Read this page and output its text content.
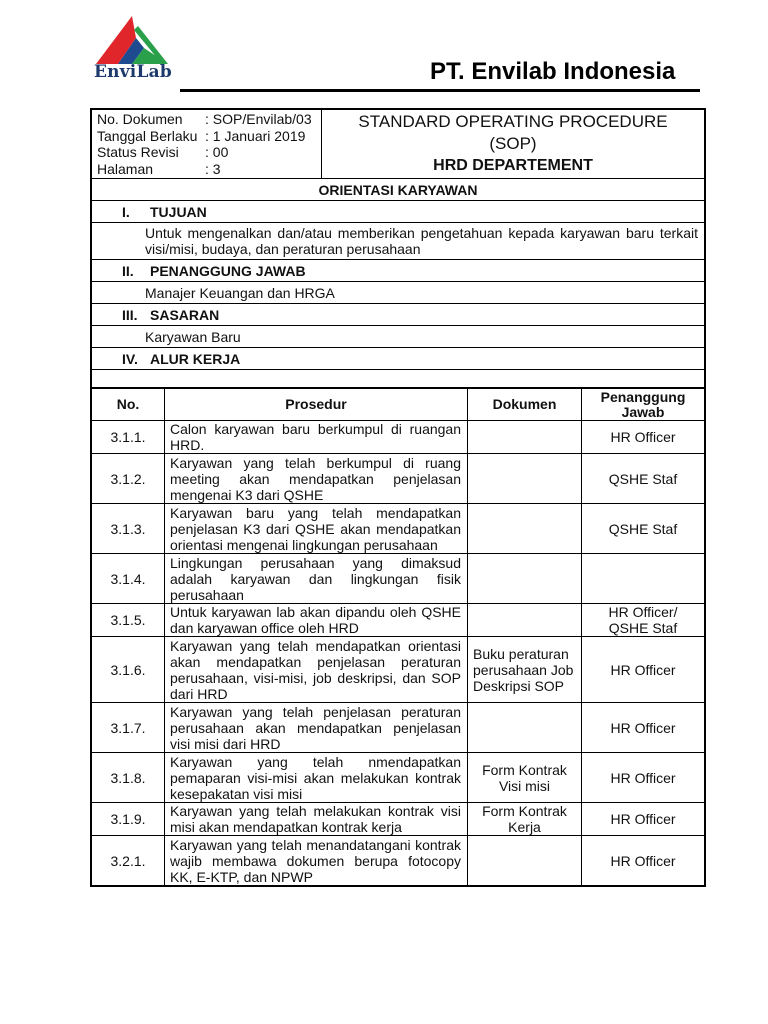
EnviLab	PT. Envilab Indonesia
No. Dokumen	: SOP/Envilab/03
Tanggal Berlaku : 1 Januari 2019
Status Revisi	: 00
Halaman	: 3

STANDARD OPERATING PROCEDURE
(SOP)
HRD DEPARTEMENT

ORIENTASI KARYAWAN
I. TUJUAN
Untuk mengenalkan dan/atau memberikan pengetahuan kepada karyawan baru terkait visi/misi, budaya, dan peraturan perusahaan
II. PENANGGUNG JAWAB
Manajer Keuangan dan HRGA
III. SASARAN
Karyawan Baru
IV. ALUR KERJA

No.	Prosedur	Dokumen	Penanggung Jawab
3.1.1.	Calon karyawan baru berkumpul di ruangan HRD.		HR Officer
3.1.2.	Karyawan yang telah berkumpul di ruang meeting akan mendapatkan penjelasan mengenai K3 dari QSHE		QSHE Staf
3.1.3.	Karyawan baru yang telah mendapatkan penjelasan K3 dari QSHE akan mendapatkan orientasi mengenai lingkungan perusahaan		QSHE Staf
3.1.4.	Lingkungan perusahaan yang dimaksud adalah karyawan dan lingkungan fisik perusahaan		
3.1.5.	Untuk karyawan lab akan dipandu oleh QSHE dan karyawan office oleh HRD		HR Officer/ QSHE Staf
3.1.6.	Karyawan yang telah mendapatkan orientasi akan mendapatkan penjelasan peraturan perusahaan, visi-misi, job deskripsi, dan SOP dari HRD	Buku peraturan perusahaan Job Deskripsi SOP	HR Officer
3.1.7.	Karyawan yang telah penjelasan peraturan perusahaan akan mendapatkan penjelasan visi misi dari HRD		HR Officer
3.1.8.	Karyawan yang telah nmendapatkan pemaparan visi-misi akan melakukan kontrak kesepakatan visi misi	Form Kontrak Visi misi	HR Officer
3.1.9.	Karyawan yang telah melakukan kontrak visi misi akan mendapatkan kontrak kerja	Form Kontrak Kerja	HR Officer
3.2.1.	Karyawan yang telah menandatangani kontrak wajib membawa dokumen berupa fotocopy KK, E-KTP, dan NPWP		HR Officer
